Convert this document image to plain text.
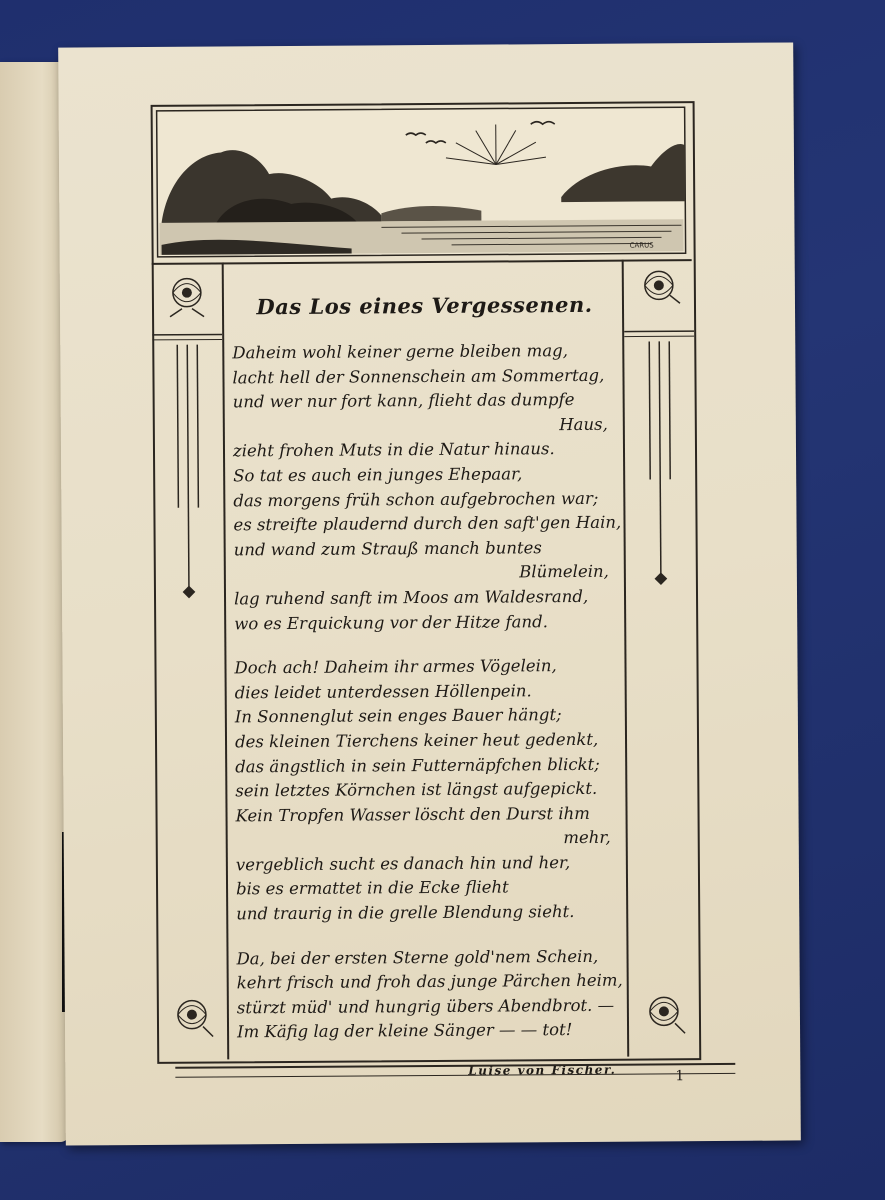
CARUS
Das Los eines Vergessenen.
Daheim wohl keiner gerne bleiben mag,
lacht hell der Sonnenschein am Sommertag,
und wer nur fort kann, flieht das dumpfe
Haus,
zieht frohen Muts in die Natur hinaus.
So tat es auch ein junges Ehepaar,
das morgens früh schon aufgebrochen war;
es streifte plaudernd durch den saft'gen Hain,
und wand zum Strauß manch buntes
Blümelein,
lag ruhend sanft im Moos am Waldesrand,
wo es Erquickung vor der Hitze fand.
Doch ach! Daheim ihr armes Vögelein,
dies leidet unterdessen Höllenpein.
In Sonnenglut sein enges Bauer hängt;
des kleinen Tierchens keiner heut gedenkt,
das ängstlich in sein Futternäpfchen blickt;
sein letztes Körnchen ist längst aufgepickt.
Kein Tropfen Wasser löscht den Durst ihm
mehr,
vergeblich sucht es danach hin und her,
bis es ermattet in die Ecke flieht
und traurig in die grelle Blendung sieht.
Da, bei der ersten Sterne gold'nem Schein,
kehrt frisch und froh das junge Pärchen heim,
stürzt müd' und hungrig übers Abendbrot. —
Im Käfig lag der kleine Sänger — — tot!
Luise von Fischer.	1
